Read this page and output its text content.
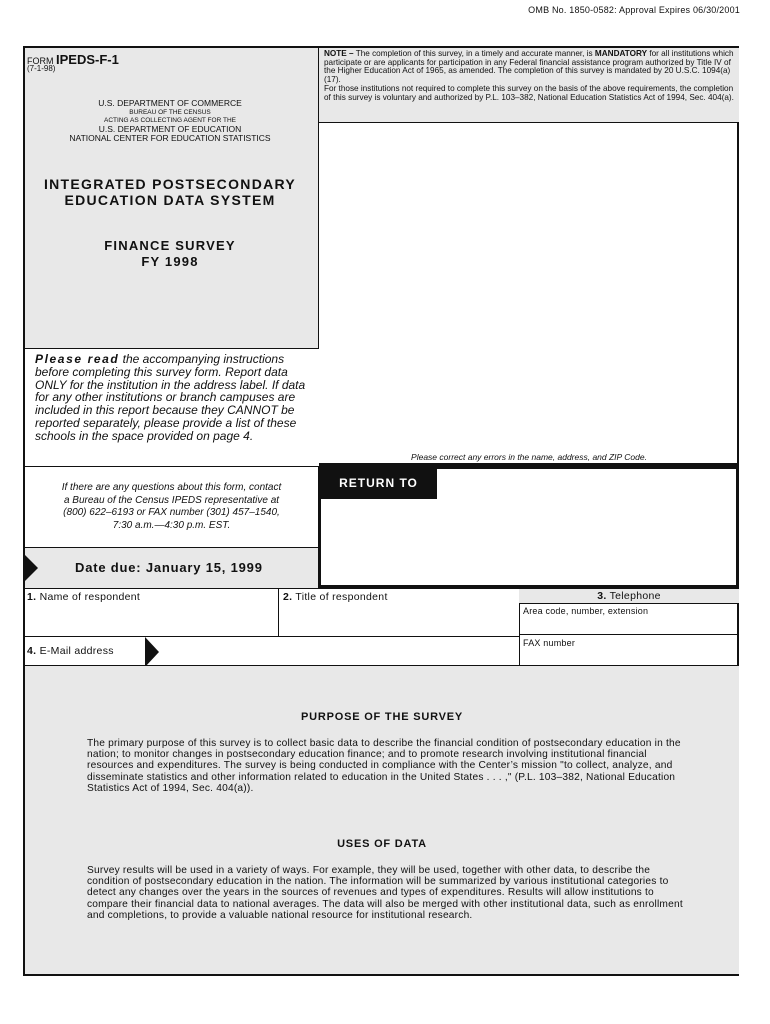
OMB No. 1850-0582: Approval Expires 06/30/2001
FORM IPEDS-F-1
(7-1-98)
U.S. DEPARTMENT OF COMMERCE
BUREAU OF THE CENSUS
ACTING AS COLLECTING AGENT FOR THE
U.S. DEPARTMENT OF EDUCATION
NATIONAL CENTER FOR EDUCATION STATISTICS
INTEGRATED POSTSECONDARY
EDUCATION DATA SYSTEM
FINANCE SURVEY
FY 1998
Please read the accompanying instructions before completing this survey form. Report data ONLY for the institution in the address label. If data for any other institutions or branch campuses are included in this report because they CANNOT be reported separately, please provide a list of these schools in the space provided on page 4.
NOTE – The completion of this survey, in a timely and accurate manner, is MANDATORY for all institutions which participate or are applicants for participation in any Federal financial assistance program authorized by Title IV of the Higher Education Act of 1965, as amended. The completion of this survey is mandated by 20 U.S.C. 1094(a)(17).
For those institutions not required to complete this survey on the basis of the above requirements, the completion of this survey is voluntary and authorized by P.L. 103–382, National Education Statistics Act of 1994, Sec. 404(a).
Please correct any errors in the name, address, and ZIP Code.
If there are any questions about this form, contact
a Bureau of the Census IPEDS representative at
(800) 622–6193 or FAX number (301) 457–1540,
7:30 a.m.—4:30 p.m. EST.
Date due: January 15, 1999
RETURN TO
1. Name of respondent	2. Title of respondent	3. Telephone
Area code, number, extension
FAX number
4. E-Mail address
PURPOSE OF THE SURVEY
The primary purpose of this survey is to collect basic data to describe the financial condition of postsecondary education in the nation; to monitor changes in postsecondary education finance; and to promote research involving institutional financial resources and expenditures. The survey is being conducted in compliance with the Center’s mission "to collect, analyze, and disseminate statistics and other information related to education in the United States . . . ," (P.L. 103–382, National Education Statistics Act of 1994, Sec. 404(a)).
USES OF DATA
Survey results will be used in a variety of ways. For example, they will be used, together with other data, to describe the condition of postsecondary education in the nation. The information will be summarized by various institutional categories to detect any changes over the years in the sources of revenues and types of expenditures. Results will allow institutions to compare their financial data to national averages. The data will also be merged with other institutional data, such as enrollment and completions, to provide a valuable national resource for institutional research.
